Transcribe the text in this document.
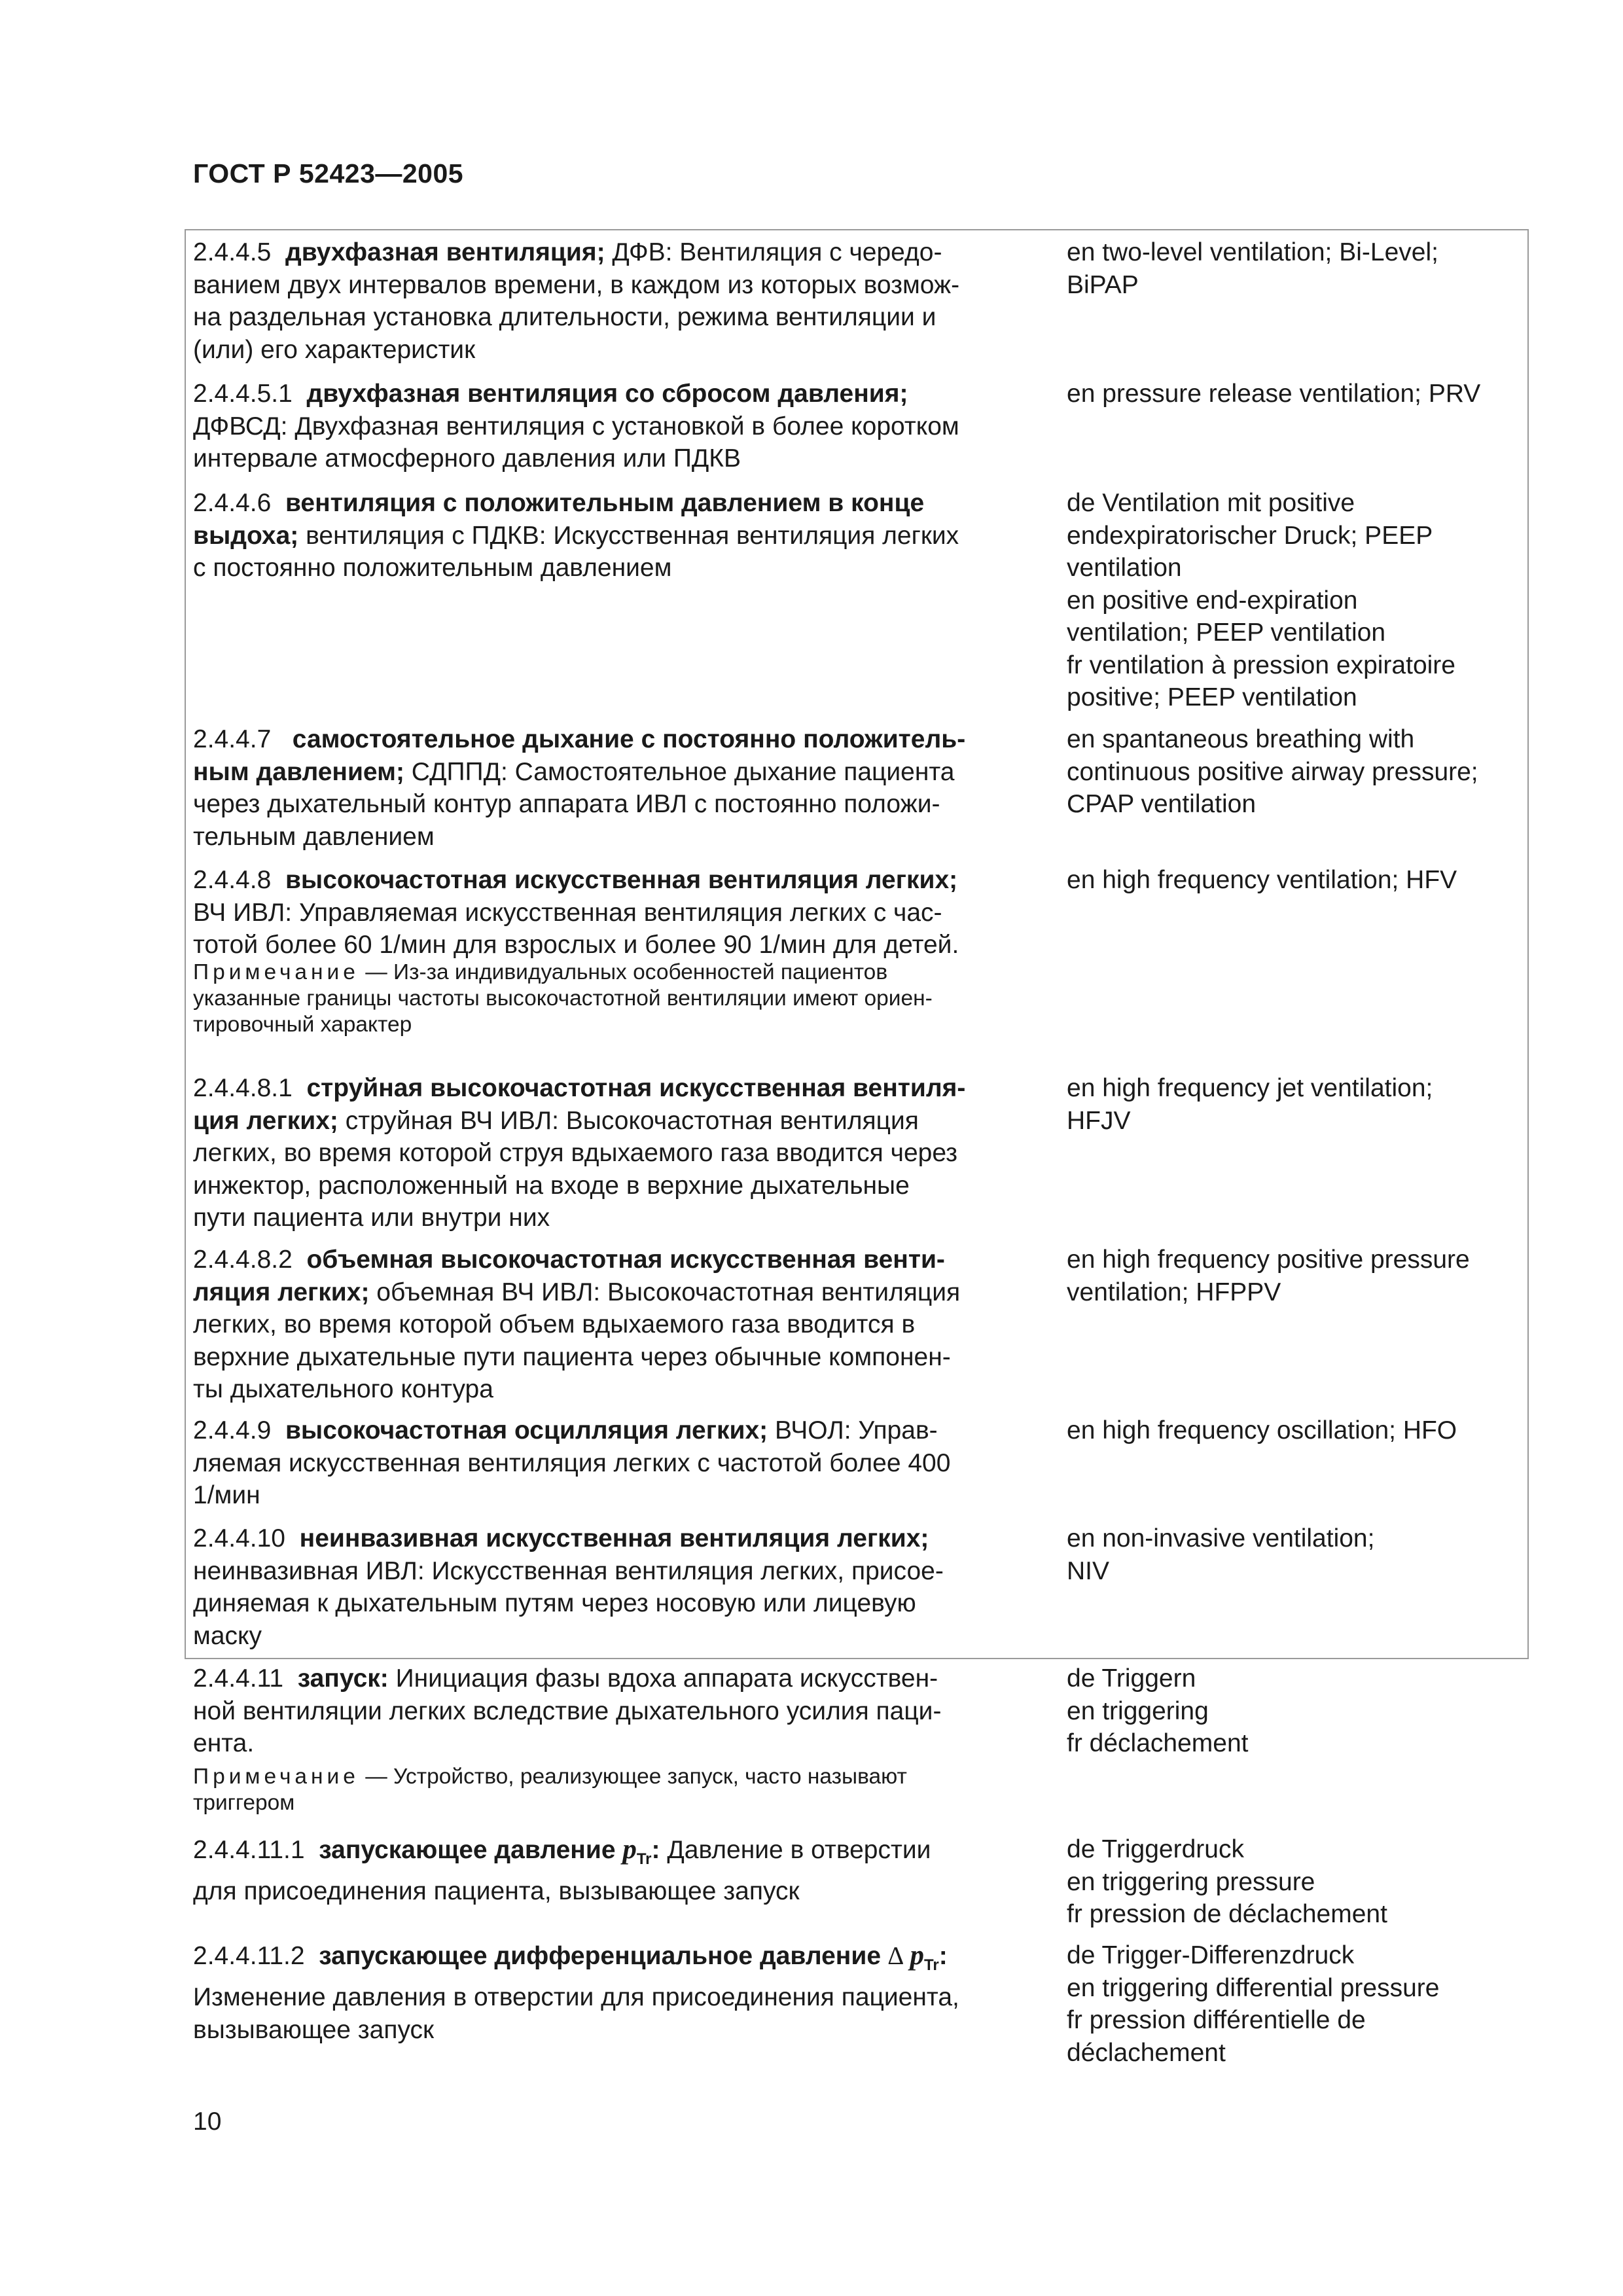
ГОСТ Р 52423—2005
2.4.4.5 двухфазная вентиляция; ДФВ: Вентиляция с чередо-
ванием двух интервалов времени, в каждом из которых возмож-
на раздельная установка длительности, режима вентиляции и
(или) его характеристик
en two-level ventilation; Bi-Level;
BiPAP
2.4.4.5.1 двухфазная вентиляция со сбросом давления;
ДФВСД: Двухфазная вентиляция с установкой в более коротком
интервале атмосферного давления или ПДКВ
en pressure release ventilation; PRV
2.4.4.6 вентиляция с положительным давлением в конце
выдоха; вентиляция с ПДКВ: Искусственная вентиляция легких
с постоянно положительным давлением
de Ventilation mit positive
endexpiratorischer Druck; PEEP
ventilation
en positive end-expiration
ventilation; PEEP ventilation
fr ventilation à pression expiratoire
positive; PEEP ventilation
2.4.4.7 самостоятельное дыхание с постоянно положитель-
ным давлением; СДППД: Самостоятельное дыхание пациента
через дыхательный контур аппарата ИВЛ с постоянно положи-
тельным давлением
en spantaneous breathing with
continuous positive airway pressure;
CPAP ventilation
2.4.4.8 высокочастотная искусственная вентиляция легких;
ВЧ ИВЛ: Управляемая искусственная вентиляция легких с час-
тотой более 60 1/мин для взрослых и более 90 1/мин для детей.
en high frequency ventilation; HFV
Примечание — Из-за индивидуальных особенностей пациентов
указанные границы частоты высокочастотной вентиляции имеют ориен-
тировочный характер
2.4.4.8.1 струйная высокочастотная искусственная вентиля-
ция легких; струйная ВЧ ИВЛ: Высокочастотная вентиляция
легких, во время которой струя вдыхаемого газа вводится через
инжектор, расположенный на входе в верхние дыхательные
пути пациента или внутри них
en high frequency jet ventilation;
HFJV
2.4.4.8.2 объемная высокочастотная искусственная венти-
ляция легких; объемная ВЧ ИВЛ: Высокочастотная вентиляция
легких, во время которой объем вдыхаемого газа вводится в
верхние дыхательные пути пациента через обычные компонен-
ты дыхательного контура
en high frequency positive pressure
ventilation; HFPPV
2.4.4.9 высокочастотная осцилляция легких; ВЧОЛ: Управ-
ляемая искусственная вентиляция легких с частотой более 400
1/мин
en high frequency oscillation; HFO
2.4.4.10 неинвазивная искусственная вентиляция легких;
неинвазивная ИВЛ: Искусственная вентиляция легких, присое-
диняемая к дыхательным путям через носовую или лицевую
маску
en non-invasive ventilation;
NIV
2.4.4.11 запуск: Инициация фазы вдоха аппарата искусствен-
ной вентиляции легких вследствие дыхательного усилия паци-
ента.
de Triggern
en triggering
fr déclachement
Примечание — Устройство, реализующее запуск, часто называют
триггером
2.4.4.11.1 запускающее давление $p_{Tr}$: Давление в отверстии
для присоединения пациента, вызывающее запуск
de Triggerdruck
en triggering pressure
fr pression de déclachement
2.4.4.11.2 запускающее дифференциальное давление ∆ $p_{Tr}$:
Изменение давления в отверстии для присоединения пациента,
вызывающее запуск
de Trigger-Differenzdruck
en triggering differential pressure
fr pression différentielle de
déclachement
10
